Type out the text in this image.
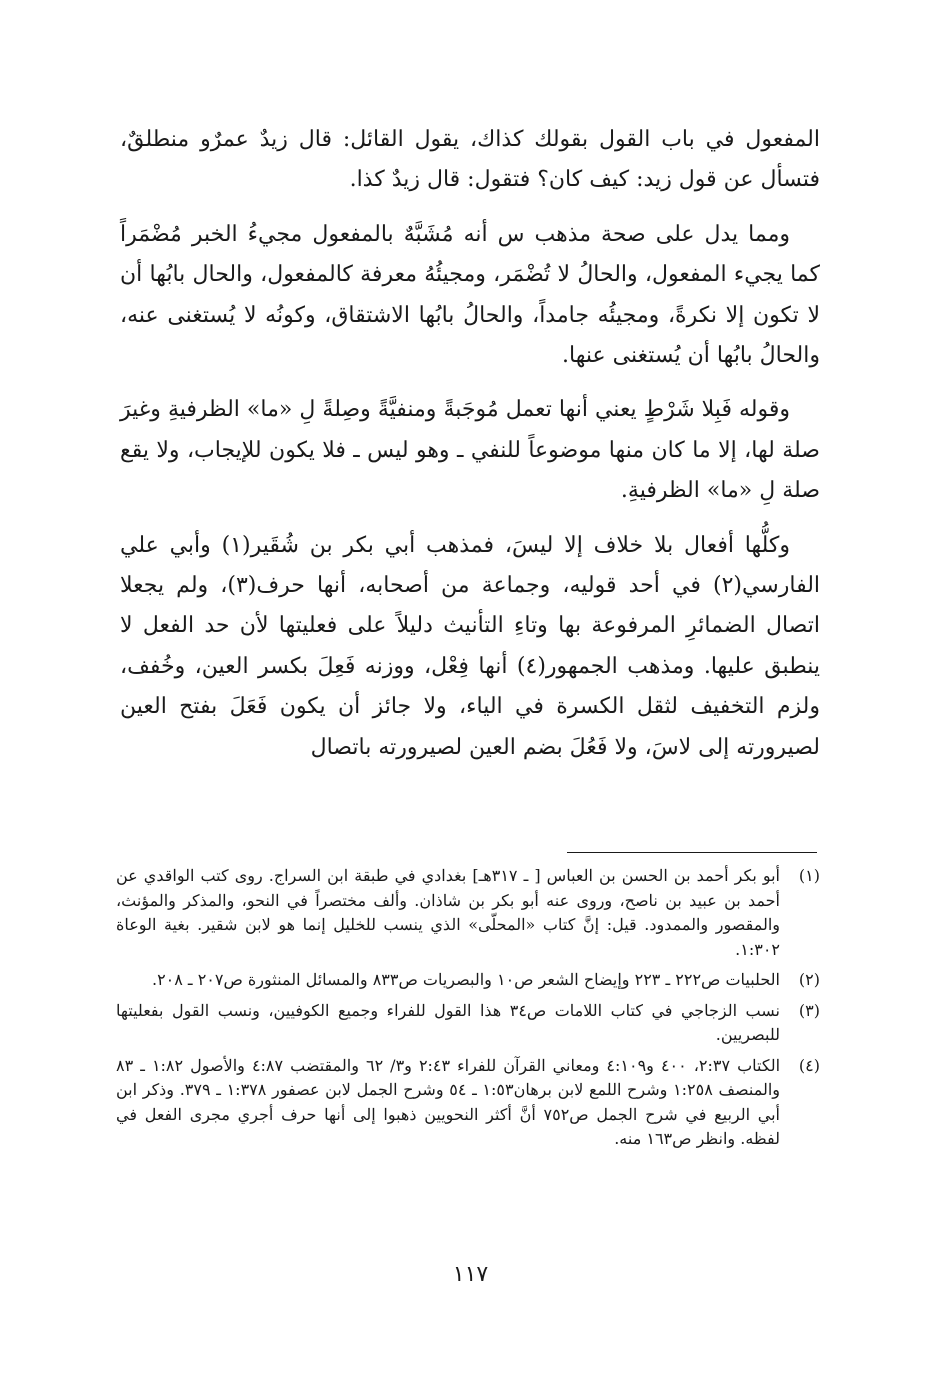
المفعول في باب القول بقولك كذاك، يقول القائل: قال زيدٌ عمرٌو منطلقٌ، فتسأل عن قول زيد: كيف كان؟ فتقول: قال زيدٌ كذا.

ومما يدل على صحة مذهب س أنه مُشَبَّهٌ بالمفعول مجيءُ الخبر مُضْمَراً كما يجيء المفعول، والحالُ لا تُضْمَر، ومجيئُهُ معرفة كالمفعول، والحال بابُها أن لا تكون إلا نكرةً، ومجيئُه جامداً، والحالُ بابُها الاشتقاق، وكونُه لا يُستغنى عنه، والحالُ بابُها أن يُستغنى عنها.

وقوله فَبِلا شَرْطٍ يعني أنها تعمل مُوجَبةً ومنفيَّةً وصِلةً لِ «ما» الظرفيةِ وغيرَ صلة لها، إلا ما كان منها موضوعاً للنفي ـ وهو ليس ـ فلا يكون للإيجاب، ولا يقع صلة لِ «ما» الظرفيةِ.

وكلُّها أفعال بلا خلاف إلا ليسَ، فمذهب أبي بكر بن شُقَير(١) وأبي علي الفارسي(٢) في أحد قوليه، وجماعة من أصحابه، أنها حرف(٣)، ولم يجعلا اتصال الضمائرِ المرفوعة بها وتاءِ التأنيث دليلاً على فعليتها لأن حد الفعل لا ينطبق عليها. ومذهب الجمهور(٤) أنها فِعْل، ووزنه فَعِلَ بكسر العين، وخُفف، ولزم التخفيف لثقل الكسرة في الياء، ولا جائز أن يكون فَعَلَ بفتح العين لصيرورته إلى لاسَ، ولا فَعُلَ بضم العين لصيرورته باتصال

(١)
أبو بكر أحمد بن الحسن بن العباس [ ـ ٣١٧هـ] بغدادي في طبقة ابن السراج. روى كتب الواقدي عن أحمد بن عبيد بن ناصح، وروى عنه أبو بكر بن شاذان. وألف مختصراً في النحو، والمذكر والمؤنث، والمقصور والممدود. قيل: إنَّ كتاب «المحلّى» الذي ينسب للخليل إنما هو لابن شقير. بغية الوعاة ١:٣٠٢.
(٢)
الحلبيات ص٢٢٢ ـ ٢٢٣ وإيضاح الشعر ص١٠ والبصريات ص٨٣٣ والمسائل المنثورة ص٢٠٧ ـ ٢٠٨.
(٣)
نسب الزجاجي في كتاب اللامات ص٣٤ هذا القول للفراء وجميع الكوفيين، ونسب القول بفعليتها للبصريين.
(٤)
الكتاب ٢:٣٧، ٤٠٠ و٤:١٠٩ ومعاني القرآن للفراء ٢:٤٣ و٣/ ٦٢ والمقتضب ٤:٨٧ والأصول ١:٨٢ ـ ٨٣ والمنصف ١:٢٥٨ وشرح اللمع لابن برهان١:٥٣ ـ ٥٤ وشرح الجمل لابن عصفور ١:٣٧٨ ـ ٣٧٩. وذكر ابن أبي الربيع في شرح الجمل ص٧٥٢ أنَّ أكثر النحويين ذهبوا إلى أنها حرف أجري مجرى الفعل في لفظه. وانظر ص١٦٣ منه.
١١٧
